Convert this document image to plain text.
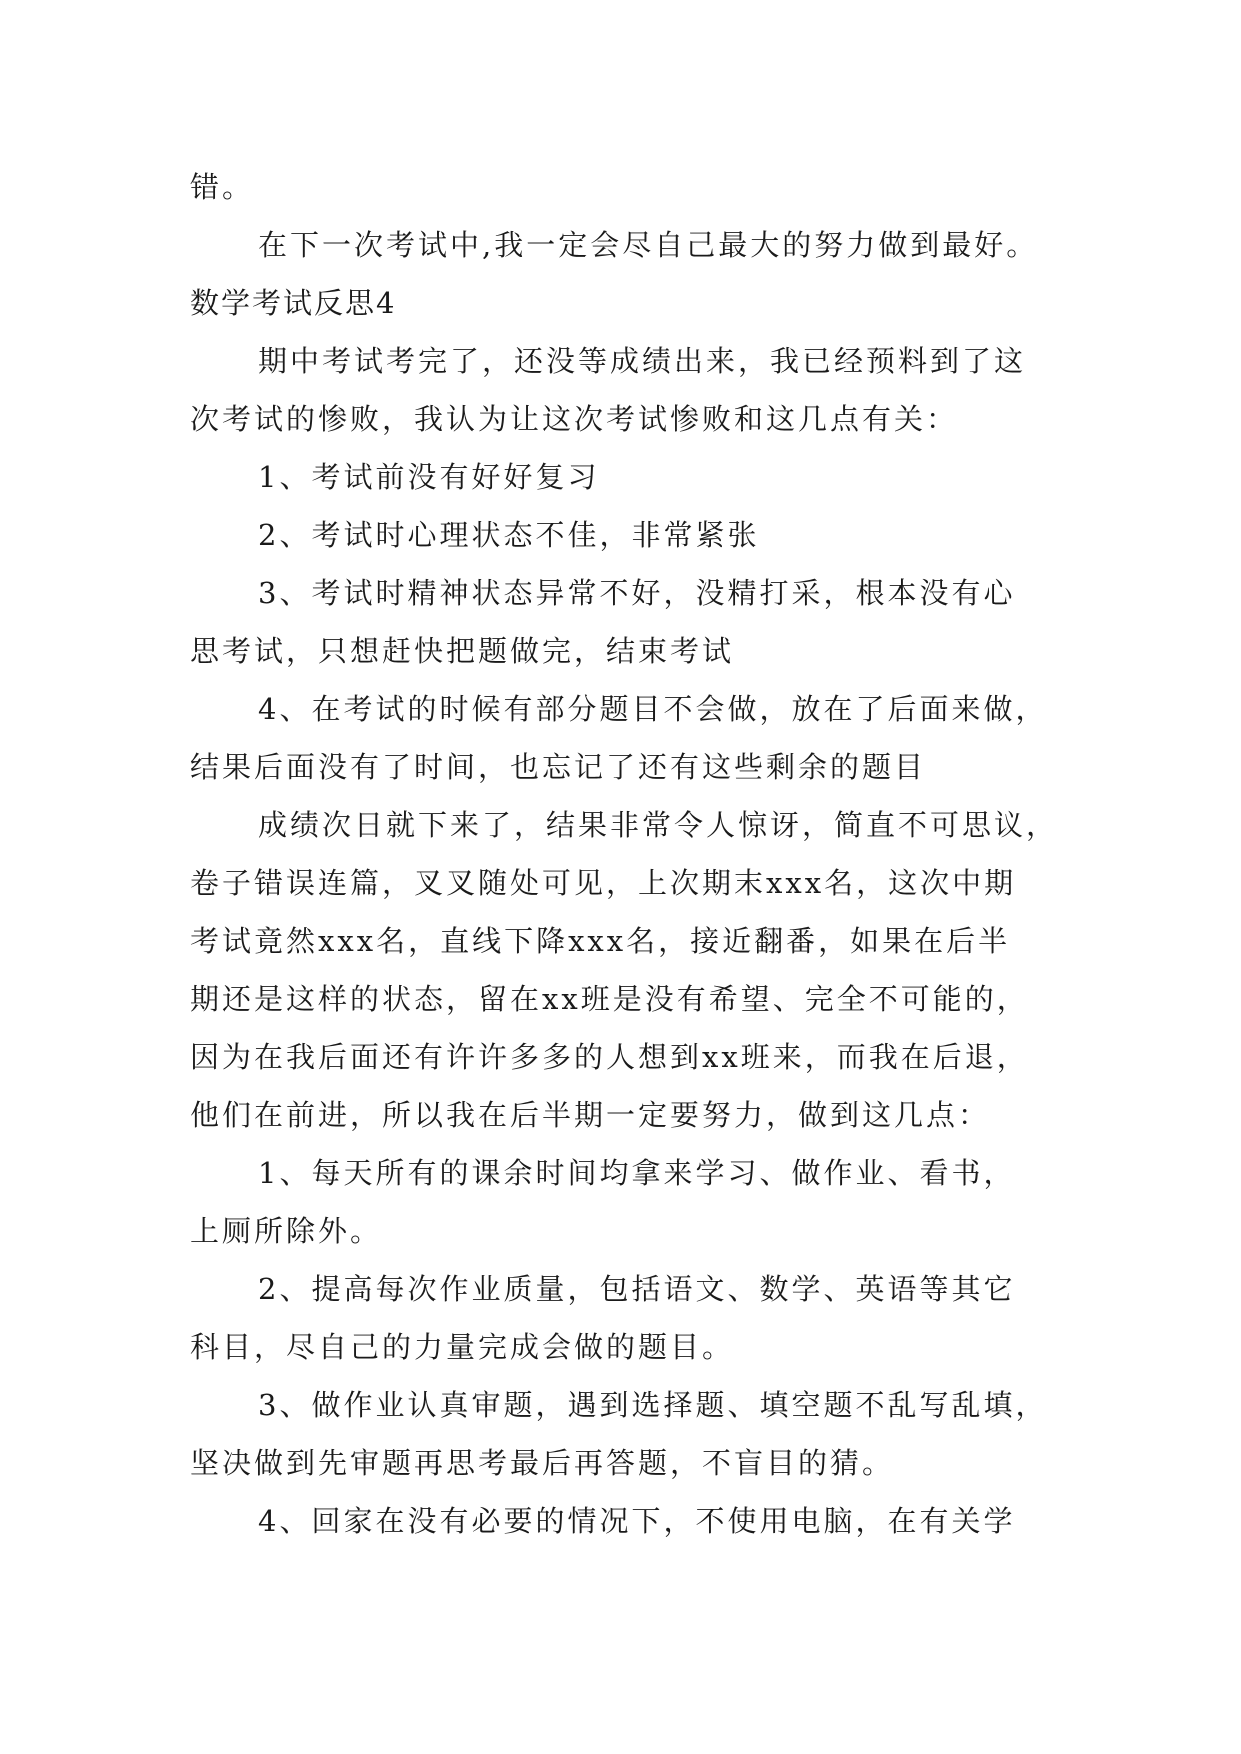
错。
在下一次考试中,我一定会尽自己最大的努力做到最好。
数学考试反思4
期中考试考完了，还没等成绩出来，我已经预料到了这
次考试的惨败，我认为让这次考试惨败和这几点有关：
1、考试前没有好好复习
2、考试时心理状态不佳，非常紧张
3、考试时精神状态异常不好，没精打采，根本没有心
思考试，只想赶快把题做完，结束考试
4、在考试的时候有部分题目不会做，放在了后面来做，
结果后面没有了时间，也忘记了还有这些剩余的题目
成绩次日就下来了，结果非常令人惊讶，简直不可思议，
卷子错误连篇，叉叉随处可见，上次期末xxx名，这次中期
考试竟然xxx名，直线下降xxx名，接近翻番，如果在后半
期还是这样的状态，留在xx班是没有希望、完全不可能的，
因为在我后面还有许许多多的人想到xx班来，而我在后退，
他们在前进，所以我在后半期一定要努力，做到这几点：
1、每天所有的课余时间均拿来学习、做作业、看书，
上厕所除外。
2、提高每次作业质量，包括语文、数学、英语等其它
科目，尽自己的力量完成会做的题目。
3、做作业认真审题，遇到选择题、填空题不乱写乱填，
坚决做到先审题再思考最后再答题，不盲目的猜。
4、回家在没有必要的情况下，不使用电脑，在有关学
